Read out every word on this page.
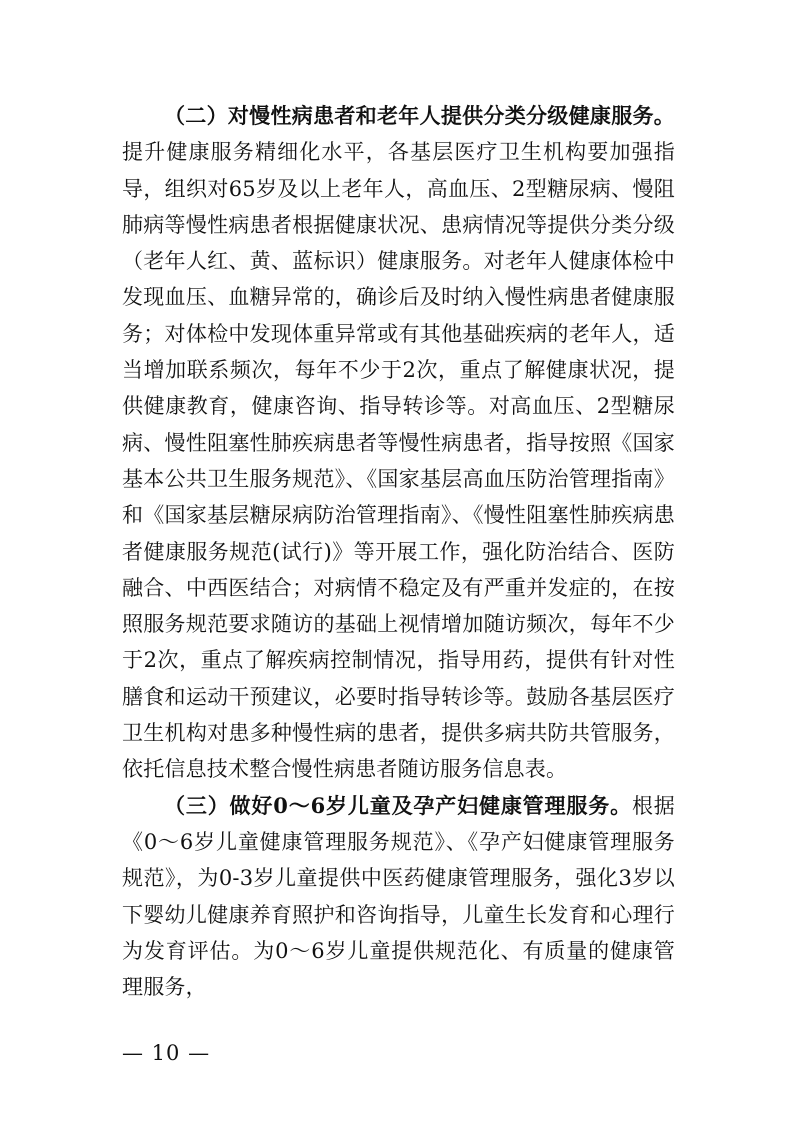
（二）对慢性病患者和老年人提供分类分级健康服务。提升健康服务精细化水平，各基层医疗卫生机构要加强指导，组织对65岁及以上老年人，高血压、2型糖尿病、慢阻肺病等慢性病患者根据健康状况、患病情况等提供分类分级（老年人红、黄、蓝标识）健康服务。对老年人健康体检中发现血压、血糖异常的，确诊后及时纳入慢性病患者健康服务；对体检中发现体重异常或有其他基础疾病的老年人，适当增加联系频次，每年不少于2次，重点了解健康状况，提供健康教育，健康咨询、指导转诊等。对高血压、2型糖尿病、慢性阻塞性肺疾病患者等慢性病患者，指导按照《国家基本公共卫生服务规范》、《国家基层高血压防治管理指南》和《国家基层糖尿病防治管理指南》、《慢性阻塞性肺疾病患者健康服务规范(试行)》等开展工作，强化防治结合、医防融合、中西医结合；对病情不稳定及有严重并发症的，在按照服务规范要求随访的基础上视情增加随访频次，每年不少于2次，重点了解疾病控制情况，指导用药，提供有针对性膳食和运动干预建议，必要时指导转诊等。鼓励各基层医疗卫生机构对患多种慢性病的患者，提供多病共防共管服务，依托信息技术整合慢性病患者随访服务信息表。

（三）做好0～6岁儿童及孕产妇健康管理服务。根据《0～6岁儿童健康管理服务规范》、《孕产妇健康管理服务规范》，为0-3岁儿童提供中医药健康管理服务，强化3岁以下婴幼儿健康养育照护和咨询指导，儿童生长发育和心理行为发育评估。为0～6岁儿童提供规范化、有质量的健康管理服务，

— 10 —
